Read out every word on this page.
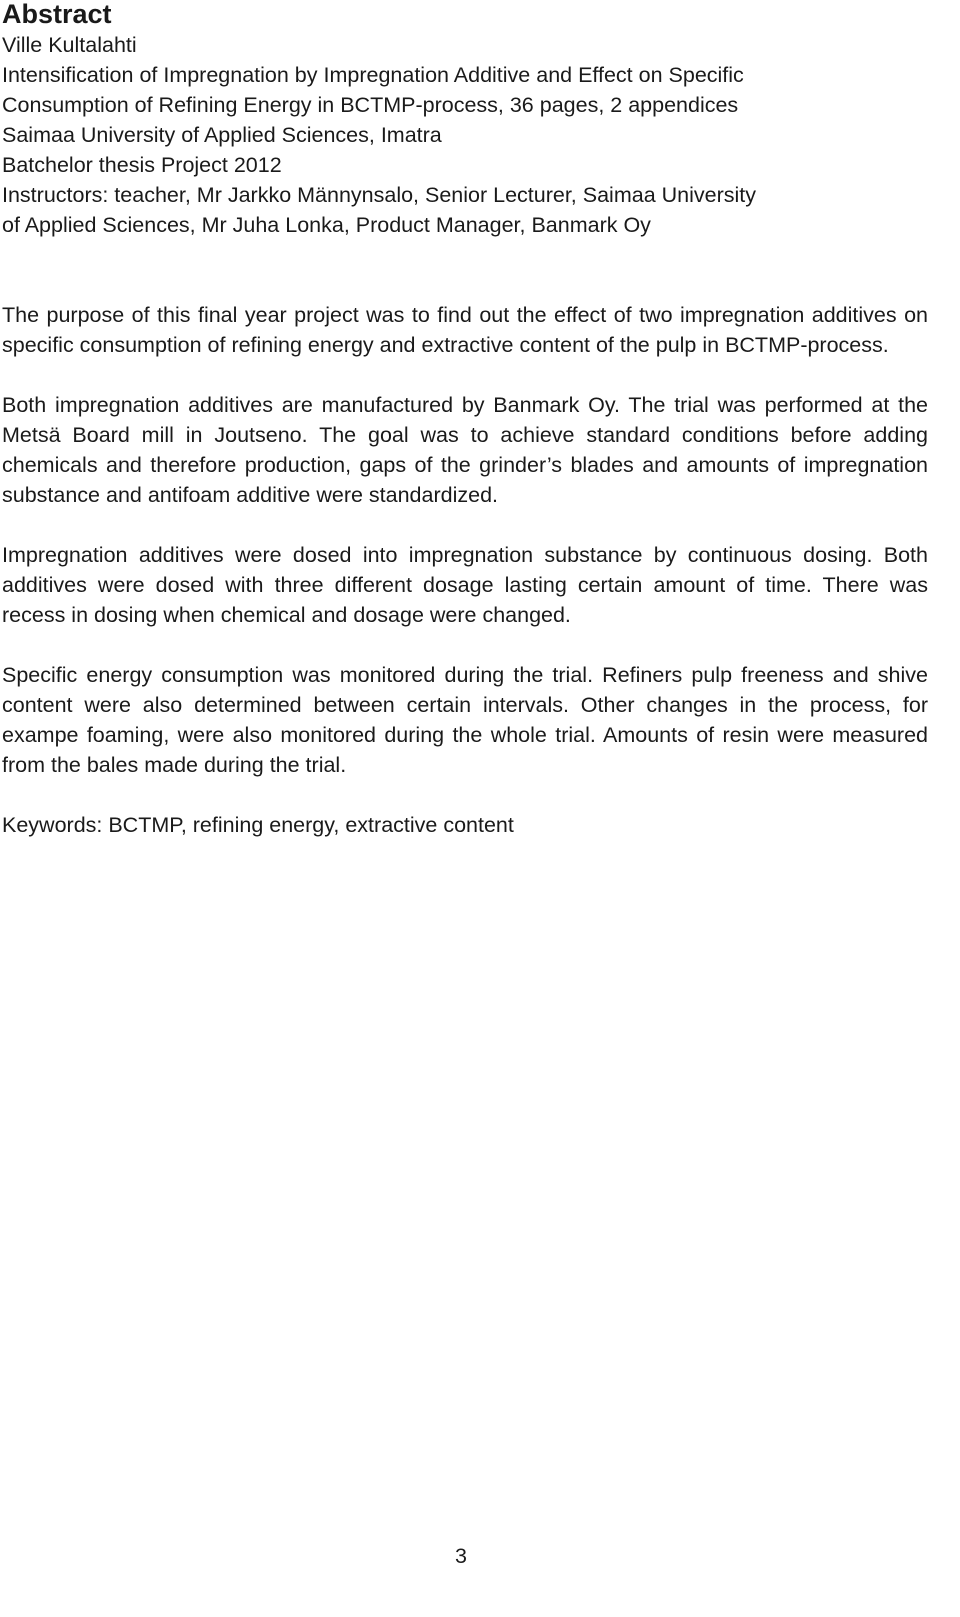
Abstract

Ville Kultalahti

Intensification of Impregnation by Impregnation Additive and Effect on Specific

Consumption of Refining Energy in BCTMP-process, 36 pages, 2 appendices

Saimaa University of Applied Sciences, Imatra

Batchelor thesis Project 2012

Instructors: teacher, Mr Jarkko Männynsalo, Senior Lecturer, Saimaa University

of Applied Sciences, Mr Juha Lonka, Product Manager, Banmark Oy

The purpose of this final year project was to find out the effect of two impregnation additives on specific consumption of refining energy and extractive content of the pulp in BCTMP-process.

Both impregnation additives are manufactured by Banmark Oy. The trial was performed at the Metsä Board mill in Joutseno. The goal was to achieve standard conditions before adding chemicals and therefore production, gaps of the grinder’s blades and amounts of impregnation substance and antifoam additive were standardized.

Impregnation additives were dosed into impregnation substance by continuous dosing. Both additives were dosed with three different dosage lasting certain amount of time. There was recess in dosing when chemical and dosage were changed.

Specific energy consumption was monitored during the trial. Refiners pulp freeness and shive content were also determined between certain intervals. Other changes in the process, for exampe foaming, were also monitored during the whole trial. Amounts of resin were measured from the bales made during the trial.

Keywords: BCTMP, refining energy, extractive content

3
